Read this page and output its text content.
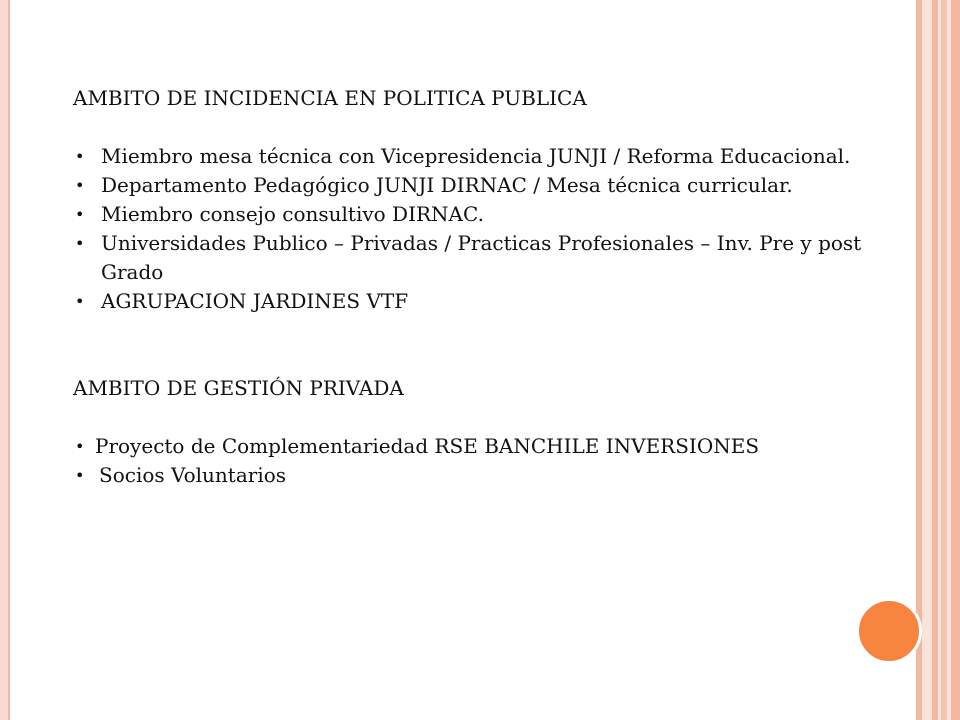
AMBITO DE INCIDENCIA EN POLITICA PUBLICA

• Miembro mesa técnica con Vicepresidencia JUNJI / Reforma Educacional.
• Departamento Pedagógico JUNJI DIRNAC / Mesa técnica curricular.
• Miembro consejo consultivo DIRNAC.
• Universidades Publico – Privadas / Practicas Profesionales – Inv. Pre y post Grado
• AGRUPACION JARDINES VTF

AMBITO DE GESTIÓN PRIVADA

• Proyecto de Complementariedad RSE BANCHILE INVERSIONES
• Socios Voluntarios
